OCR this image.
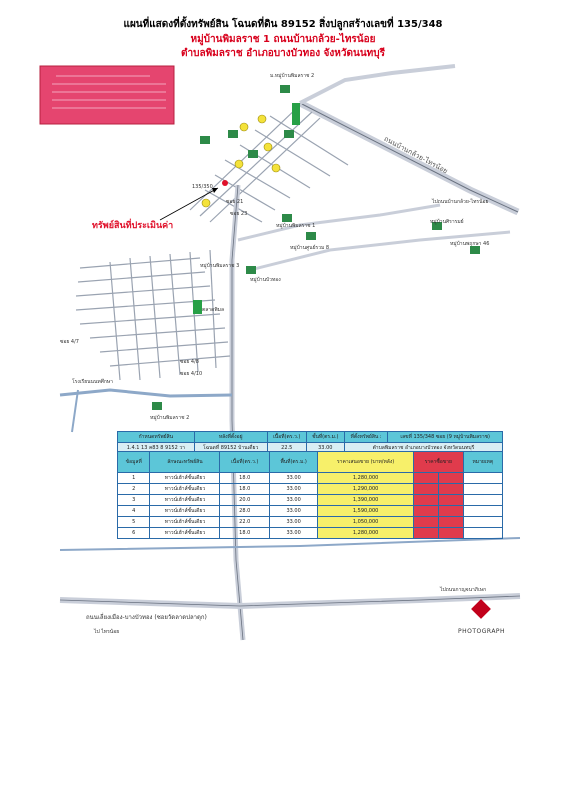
แผนที่แสดงที่ตั้งทรัพย์สิน โฉนดที่ดิน 89152 สิ่งปลูกสร้างเลขที่ 135/348
หมู่บ้านพิมลราช 1 ถนนบ้านกล้วย-ไทรน้อย
ตำบลพิมลราช อำเภอบางบัวทอง จังหวัดนนทบุรี
ม.หมู่บ้านพิมลราช 2
หมู่บ้านพิมลราช 1
หมู่บ้านศูนย์รวม 8
หมู่บ้านพิมลราช 3
หมู่บ้านศิรารมย์
หมู่บ้านพฤกษา 46
หมู่บ้านบัวทอง
หมู่บ้านพิมลราช 2
ถนนบ้านกล้วย-ไทรน้อย
ไปถนนบ้านกล้วย-ไทรน้อย
ไปถนนกาญจนาภิเษก
ถนนเลี่ยงเมือง-บางบัวทอง (ซอยวัดลาดปลาดุก)
ไป ไทรน้อย
โรงเรียนนนทศึกษา
ตลาดพิมล
135/350
ซอย 21
ซอย 23
ซอย 4/8
ซอย 4/10
ซอย 4/7
ทรัพย์สินที่ประเมินค่า
กำหนดทรัพย์สิน	หลังที่ตั้งอยู่	เนื้อที่(ตร.ว.)	ชั้นที่(ตร.ม.)	ที่ตั้งทรัพย์สิน :	เลขที่ 135/348 ซอย (9 หมู่บ้านพิมลราช)
1.4.1 13 ค83 8 9152 วา	โฉนดที่ 89152 บ้านเดี่ยว	22.5	33.00	ตำบลพิมลราช อำเภอบางบัวทอง จังหวัดนนทบุรี	
ข้อมูลที่	ลักษณะทรัพย์สิน	เนื้อที่(ตร.ว.)	พื้นที่(ตร.ม.)	ราคาเสนอขาย (บาท/หลัง)	ราคาซื้อขาย		หมายเหตุ
1	ทาวน์เฮ้าส์ชั้นเดียว	18.0	33.00	1,280,000			
2	ทาวน์เฮ้าส์ชั้นเดียว	18.0	33.00	1,290,000			
3	ทาวน์เฮ้าส์ชั้นเดียว	20.0	33.00	1,390,000			
4	ทาวน์เฮ้าส์ชั้นเดียว	28.0	33.00	1,590,000			
5	ทาวน์เฮ้าส์ชั้นเดียว	22.0	33.00	1,050,000			
6	ทาวน์เฮ้าส์ชั้นเดียว	18.0	33.00	1,280,000			
PHOTOGRAPH
